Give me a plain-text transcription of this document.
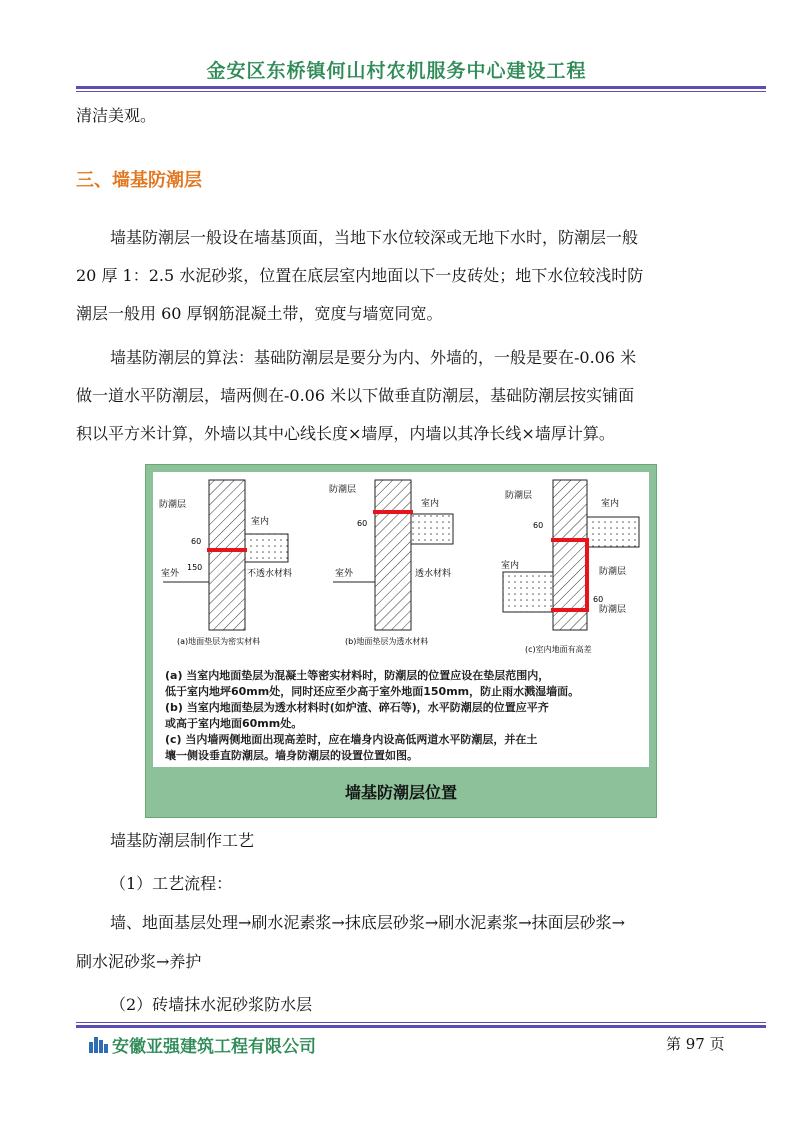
金安区东桥镇何山村农机服务中心建设工程

清洁美观。

三、墙基防潮层

墙基防潮层一般设在墙基顶面，当地下水位较深或无地下水时，防潮层一般

20 厚 1：2.5 水泥砂浆，位置在底层室内地面以下一皮砖处；地下水位较浅时防

潮层一般用 60 厚钢筋混凝土带，宽度与墙宽同宽。

墙基防潮层的算法：基础防潮层是要分为内、外墙的，一般是要在-0.06 米

做一道水平防潮层，墙两侧在-0.06 米以下做垂直防潮层，基础防潮层按实铺面

积以平方米计算，外墙以其中心线长度×墙厚，内墙以其净长线×墙厚计算。

防潮层
室内
室外	不透水材料
60
150
(a)地面垫层为密实材料
防潮层
室内
室外	透水材料
60
(b)地面垫层为透水材料
防潮层
室内
室内
防潮层
防潮层
60
60
(c)室内地面有高差
(a) 当室内地面垫层为混凝土等密实材料时，防潮层的位置应设在垫层范围内，
低于室内地坪60mm处，同时还应至少高于室外地面150mm，防止雨水溅湿墙面。
(b) 当室内地面垫层为透水材料时(如炉渣、碎石等)，水平防潮层的位置应平齐
或高于室内地面60mm处。
(c) 当内墙两侧地面出现高差时，应在墙身内设高低两道水平防潮层，并在土
壤一侧设垂直防潮层。墙身防潮层的设置位置如图。
墙基防潮层位置

墙基防潮层制作工艺

（1）工艺流程：

墙、地面基层处理→刷水泥素浆→抹底层砂浆→刷水泥素浆→抹面层砂浆→

刷水泥砂浆→养护

（2）砖墙抹水泥砂浆防水层

安徽亚强建筑工程有限公司	第 97 页
